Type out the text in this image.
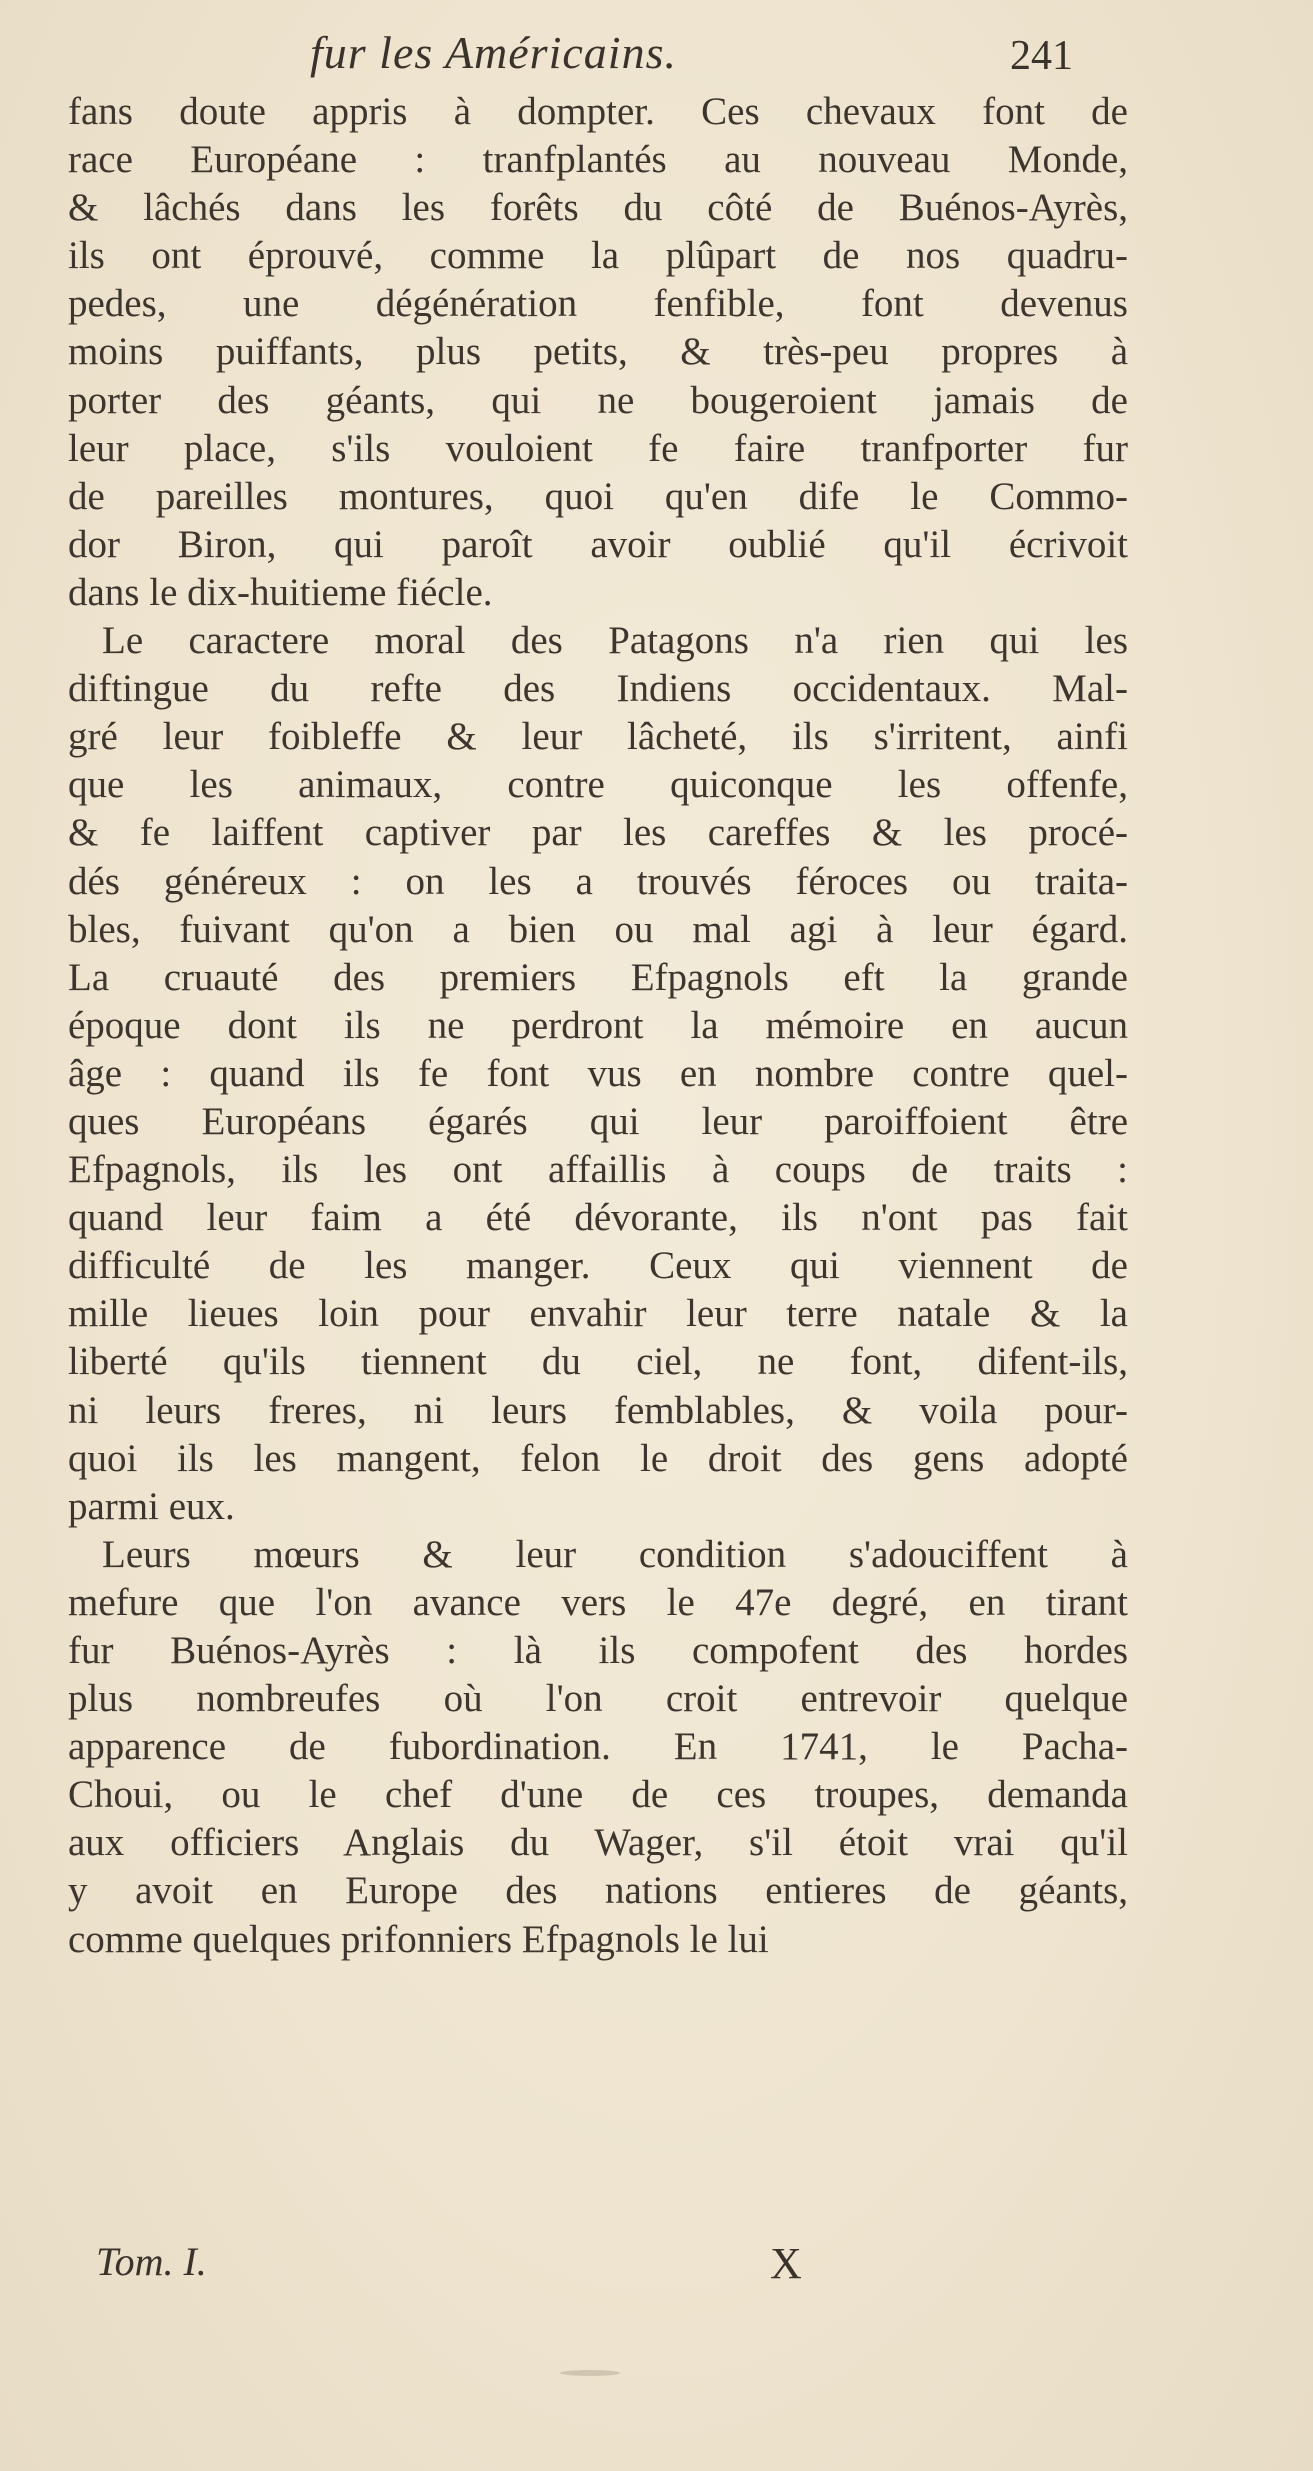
fur les Américains.	241
fans doute appris à dompter. Ces chevaux font de
race Européane : tranfplantés au nouveau Monde,
& lâchés dans les forêts du côté de Buénos-Ayrès,
ils ont éprouvé, comme la plûpart de nos quadru-
pedes, une dégénération fenfible, font devenus
moins puiffants, plus petits, & très-peu propres à
porter des géants, qui ne bougeroient jamais de
leur place, s'ils vouloient fe faire tranfporter fur
de pareilles montures, quoi qu'en dife le Commo-
dor Biron, qui paroît avoir oublié qu'il écrivoit
dans le dix-huitieme fiécle.
Le caractere moral des Patagons n'a rien qui les
diftingue du refte des Indiens occidentaux. Mal-
gré leur foibleffe & leur lâcheté, ils s'irritent, ainfi
que les animaux, contre quiconque les offenfe,
& fe laiffent captiver par les careffes & les procé-
dés généreux : on les a trouvés féroces ou traita-
bles, fuivant qu'on a bien ou mal agi à leur égard.
La cruauté des premiers Efpagnols eft la grande
époque dont ils ne perdront la mémoire en aucun
âge : quand ils fe font vus en nombre contre quel-
ques Européans égarés qui leur paroiffoient être
Efpagnols, ils les ont affaillis à coups de traits :
quand leur faim a été dévorante, ils n'ont pas fait
difficulté de les manger. Ceux qui viennent de
mille lieues loin pour envahir leur terre natale & la
liberté qu'ils tiennent du ciel, ne font, difent-ils,
ni leurs freres, ni leurs femblables, & voila pour-
quoi ils les mangent, felon le droit des gens adopté
parmi eux.
Leurs mœurs & leur condition s'adouciffent à
mefure que l'on avance vers le 47e degré, en tirant
fur Buénos-Ayrès : là ils compofent des hordes
plus nombreufes où l'on croit entrevoir quelque
apparence de fubordination. En 1741, le Pacha-
Choui, ou le chef d'une de ces troupes, demanda
aux officiers Anglais du Wager, s'il étoit vrai qu'il
y avoit en Europe des nations entieres de géants,
comme quelques prifonniers Efpagnols le lui
Tom. I.	X
